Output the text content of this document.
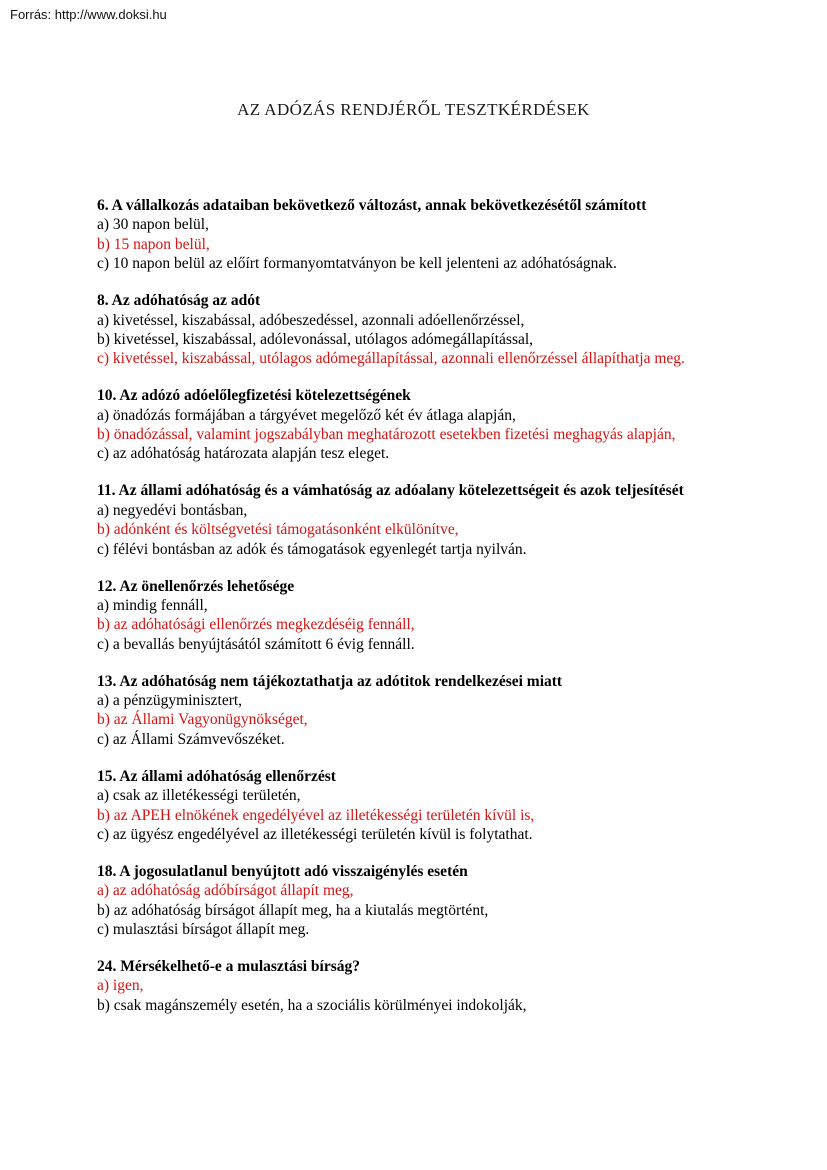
Forrás: http://www.doksi.hu
AZ ADÓZÁS RENDJÉRŐL TESZTKÉRDÉSEK

6. A vállalkozás adataiban bekövetkező változást, annak bekövetkezésétől számított

a) 30 napon belül,

b) 15 napon belül,

c) 10 napon belül az előírt formanyomtatványon be kell jelenteni az adóhatóságnak.

8. Az adóhatóság az adót

a) kivetéssel, kiszabással, adóbeszedéssel, azonnali adóellenőrzéssel,

b) kivetéssel, kiszabással, adólevonással, utólagos adómegállapítással,

c) kivetéssel, kiszabással, utólagos adómegállapítással, azonnali ellenőrzéssel állapíthatja meg.

10. Az adózó adóelőlegfizetési kötelezettségének

a) önadózás formájában a tárgyévet megelőző két év átlaga alapján,

b) önadózással, valamint jogszabályban meghatározott esetekben fizetési meghagyás alapján,

c) az adóhatóság határozata alapján tesz eleget.

11. Az állami adóhatóság és a vámhatóság az adóalany kötelezettségeit és azok teljesítését

a) negyedévi bontásban,

b) adónként és költségvetési támogatásonként elkülönítve,

c) félévi bontásban az adók és támogatások egyenlegét tartja nyilván.

12. Az önellenőrzés lehetősége

a) mindig fennáll,

b) az adóhatósági ellenőrzés megkezdéséig fennáll,

c) a bevallás benyújtásától számított 6 évig fennáll.

13. Az adóhatóság nem tájékoztathatja az adótitok rendelkezései miatt

a) a pénzügyminisztert,

b) az Állami Vagyonügynökséget,

c) az Állami Számvevőszéket.

15. Az állami adóhatóság ellenőrzést

a) csak az illetékességi területén,

b) az APEH elnökének engedélyével az illetékességi területén kívül is,

c) az ügyész engedélyével az illetékességi területén kívül is folytathat.

18. A jogosulatlanul benyújtott adó visszaigénylés esetén

a) az adóhatóság adóbírságot állapít meg,

b) az adóhatóság bírságot állapít meg, ha a kiutalás megtörtént,

c) mulasztási bírságot állapít meg.

24. Mérsékelhető-e a mulasztási bírság?

a) igen,

b) csak magánszemély esetén, ha a szociális körülményei indokolják,
